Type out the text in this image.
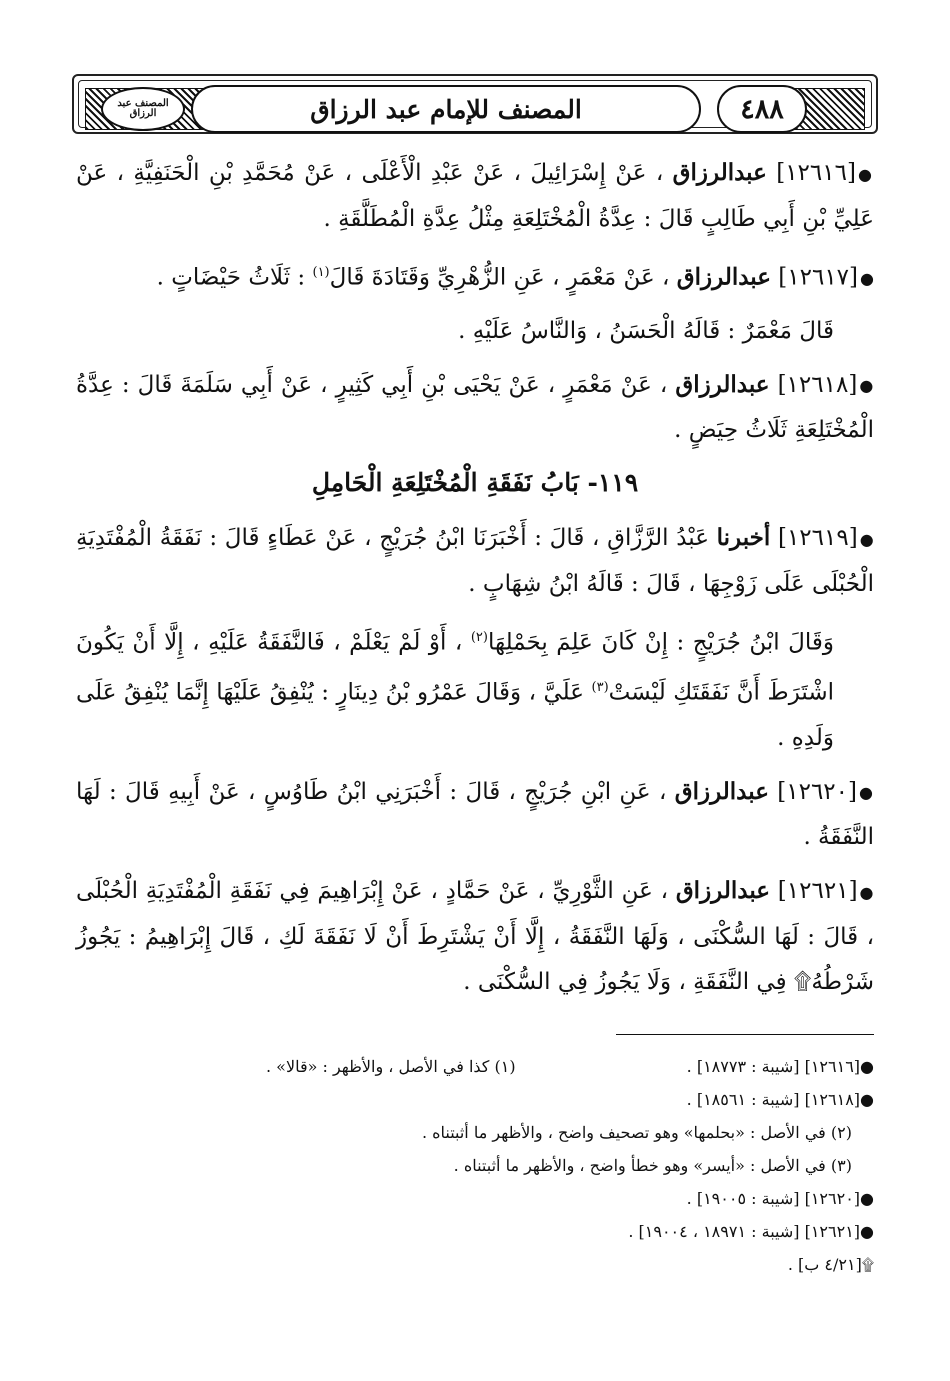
المصنف عبد الرزاق	٤٨٨
المصنف للإمام عبد الرزاق

●[١٢٦١٦] عبدالرزاق ، عَنْ إِسْرَائِيلَ ، عَنْ عَبْدِ الْأَعْلَى ، عَنْ مُحَمَّدِ بْنِ الْحَنَفِيَّةِ ، عَنْ عَلِيِّ بْنِ أَبِي طَالِبٍ قَالَ : عِدَّةُ الْمُخْتَلِعَةِ مِثْلُ عِدَّةِ الْمُطَلَّقَةِ .

●[١٢٦١٧] عبدالرزاق ، عَنْ مَعْمَرٍ ، عَنِ الزُّهْرِيِّ وَقَتَادَةَ قَالَ$^{(١)}$ : ثَلَاثُ حَيْضَاتٍ .

قَالَ مَعْمَرٌ : قَالَهُ الْحَسَنُ ، وَالنَّاسُ عَلَيْهِ .

●[١٢٦١٨] عبدالرزاق ، عَنْ مَعْمَرٍ ، عَنْ يَحْيَى بْنِ أَبِي كَثِيرٍ ، عَنْ أَبِي سَلَمَةَ قَالَ : عِدَّةُ الْمُخْتَلِعَةِ ثَلَاثُ حِيَضٍ .

١١٩- بَابُ نَفَقَةِ الْمُخْتَلِعَةِ الْحَامِلِ

●[١٢٦١٩] أخبرنا عَبْدُ الرَّزَّاقِ ، قَالَ : أَخْبَرَنَا ابْنُ جُرَيْجٍ ، عَنْ عَطَاءٍ قَالَ : نَفَقَةُ الْمُفْتَدِيَةِ الْحُبْلَى عَلَى زَوْجِهَا ، قَالَ : قَالَهُ ابْنُ شِهَابٍ .

وَقَالَ ابْنُ جُرَيْجٍ : إِنْ كَانَ عَلِمَ بِحَمْلِهَا$^{(٢)}$ ، أَوْ لَمْ يَعْلَمْ ، فَالنَّفَقَةُ عَلَيْهِ ، إِلَّا أَنْ يَكُونَ اشْتَرَطَ أَنَّ نَفَقَتَكِ لَيْسَتْ$^{(٣)}$ عَلَيَّ ، وَقَالَ عَمْرُو بْنُ دِينَارٍ : يُنْفِقُ عَلَيْهَا إِنَّمَا يُنْفِقُ عَلَى وَلَدِهِ .

●[١٢٦٢٠] عبدالرزاق ، عَنِ ابْنِ جُرَيْجٍ ، قَالَ : أَخْبَرَنِي ابْنُ طَاوُسٍ ، عَنْ أَبِيهِ قَالَ : لَهَا النَّفَقَةُ .

●[١٢٦٢١] عبدالرزاق ، عَنِ الثَّوْرِيِّ ، عَنْ حَمَّادٍ ، عَنْ إِبْرَاهِيمَ فِي نَفَقَةِ الْمُفْتَدِيَةِ الْحُبْلَى ، قَالَ : لَهَا السُّكْنَى ، وَلَهَا النَّفَقَةُ ، إِلَّا أَنْ يَشْتَرِطَ أَنْ لَا نَفَقَةَ لَكِ ، قَالَ إِبْرَاهِيمُ : يَجُوزُ شَرْطُهُ۩ فِي النَّفَقَةِ ، وَلَا يَجُوزُ فِي السُّكْنَى .

●[١٢٦١٦] [شيبة : ١٨٧٧٣] .
(١) كذا في الأصل ، والأظهر : «قالا» .
●[١٢٦١٨] [شيبة : ١٨٥٦١] .
(٢) في الأصل : «بحلمها» وهو تصحيف واضح ، والأظهر ما أثبتناه .
(٣) في الأصل : «أيسر» وهو خطأ واضح ، والأظهر ما أثبتناه .
●[١٢٦٢٠] [شيبة : ١٩٠٠٥] .
●[١٢٦٢١] [شيبة : ١٨٩٧١ ، ١٩٠٠٤] .
۩[٤/٢١ ب] .
